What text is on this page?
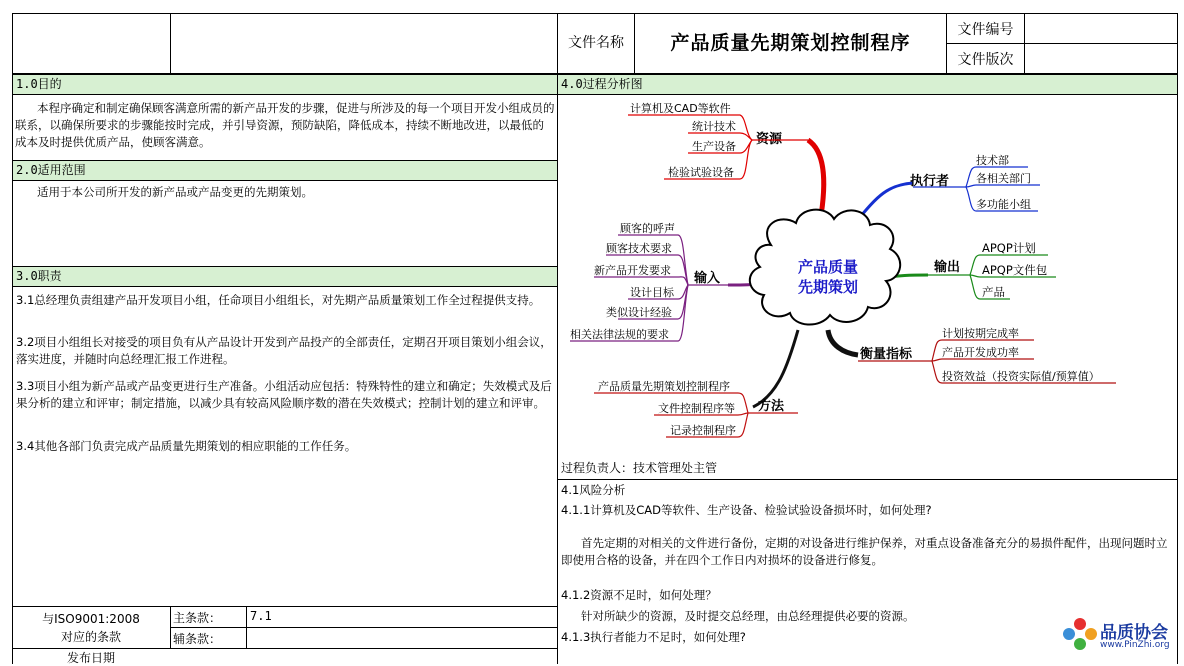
文件名称	产品质量先期策划控制程序
文件编号
文件版次
1.0目的
本程序确定和制定确保顾客满意所需的新产品开发的步骤，促进与所涉及的每一个项目开发小组成员的联系，以确保所要求的步骤能按时完成，并引导资源，预防缺陷，降低成本，持续不断地改进，以最低的成本及时提供优质产品，使顾客满意。
2.0适用范围
适用于本公司所开发的新产品或产品变更的先期策划。
3.0职责
3.1总经理负责组建产品开发项目小组，任命项目小组组长，对先期产品质量策划工作全过程提供支持。
3.2项目小组组长对接受的项目负有从产品设计开发到产品投产的全部责任，定期召开项目策划小组会议，落实进度，并随时向总经理汇报工作进程。
3.3项目小组为新产品或产品变更进行生产准备。小组活动应包括：特殊特性的建立和确定；失效模式及后果分析的建立和评审；制定措施，以减少具有较高风险顺序数的潜在失效模式；控制计划的建立和评审。
3.4其他各部门负责完成产品质量先期策划的相应职能的工作任务。
与ISO9001:2008
对应的条款
主条款： 7.1
辅条款：
发布日期
4.0过程分析图
产品质量
先期策划
资源
计算机及CAD等软件
统计技术
生产设备
检验试验设备
执行者
技术部
各相关部门
多功能小组
输入
顾客的呼声
顾客技术要求
新产品开发要求
设计目标
类似设计经验
相关法律法规的要求
输出
APQP计划
APQP文件包
产品
衡量指标
计划按期完成率
产品开发成功率
投资效益（投资实际值/预算值）
方法
产品质量先期策划控制程序
文件控制程序等
记录控制程序
过程负责人：技术管理处主管
4.1风险分析
4.1.1计算机及CAD等软件、生产设备、检验试验设备损坏时，如何处理?
首先定期的对相关的文件进行备份，定期的对设备进行维护保养，对重点设备准备充分的易损件配件，出现问题时立即使用合格的设备，并在四个工作日内对损坏的设备进行修复。
4.1.2资源不足时，如何处理？
针对所缺少的资源，及时提交总经理，由总经理提供必要的资源。
4.1.3执行者能力不足时，如何处理?	品质协会
www.PinZhi.org
